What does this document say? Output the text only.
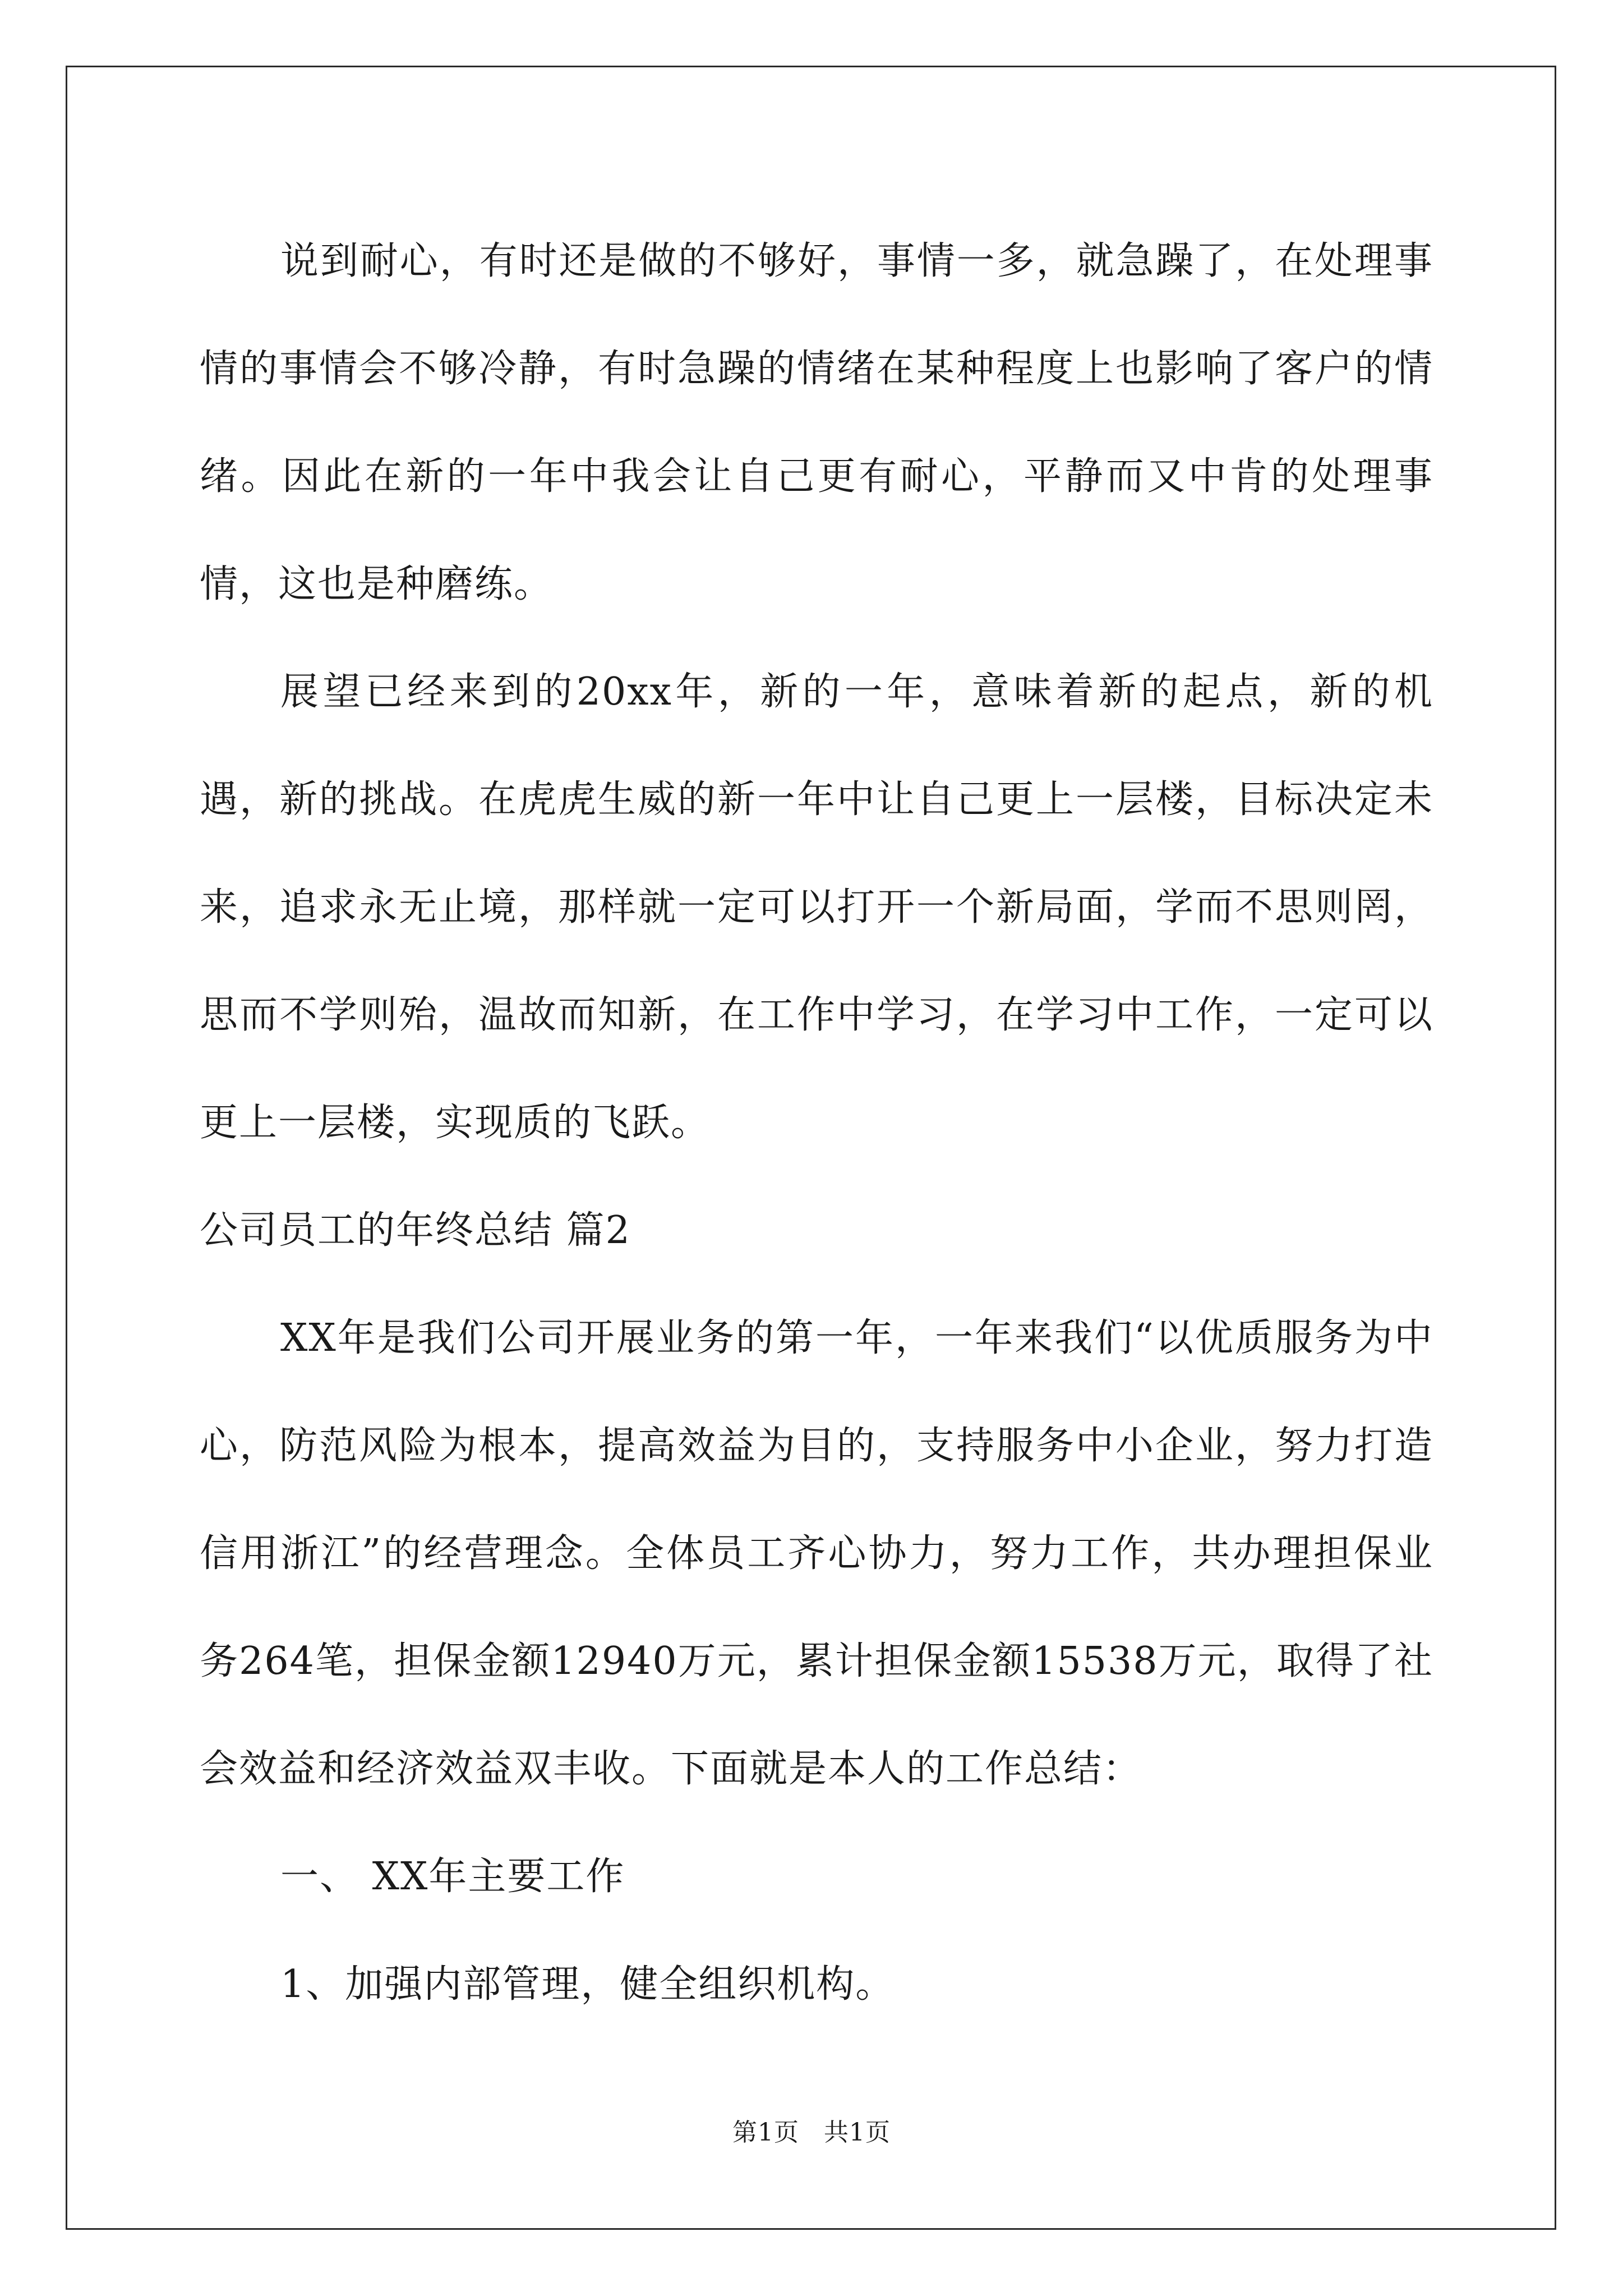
说到耐心，有时还是做的不够好，事情一多，就急躁了，在处理事情的事情会不够冷静，有时急躁的情绪在某种程度上也影响了客户的情绪。因此在新的一年中我会让自己更有耐心，平静而又中肯的处理事情，这也是种磨练。

展望已经来到的20xx年，新的一年，意味着新的起点，新的机遇，新的挑战。在虎虎生威的新一年中让自己更上一层楼，目标决定未来，追求永无止境，那样就一定可以打开一个新局面，学而不思则罔，思而不学则殆，温故而知新，在工作中学习，在学习中工作，一定可以更上一层楼，实现质的飞跃。

公司员工的年终总结 篇2

XX年是我们公司开展业务的第一年，一年来我们“以优质服务为中心，防范风险为根本，提高效益为目的，支持服务中小企业，努力打造信用浙江”的经营理念。全体员工齐心协力，努力工作，共办理担保业务264笔，担保金额12940万元，累计担保金额15538万元，取得了社会效益和经济效益双丰收。下面就是本人的工作总结：

一、 XX年主要工作

1、加强内部管理，健全组织机构。

第1页 共1页
